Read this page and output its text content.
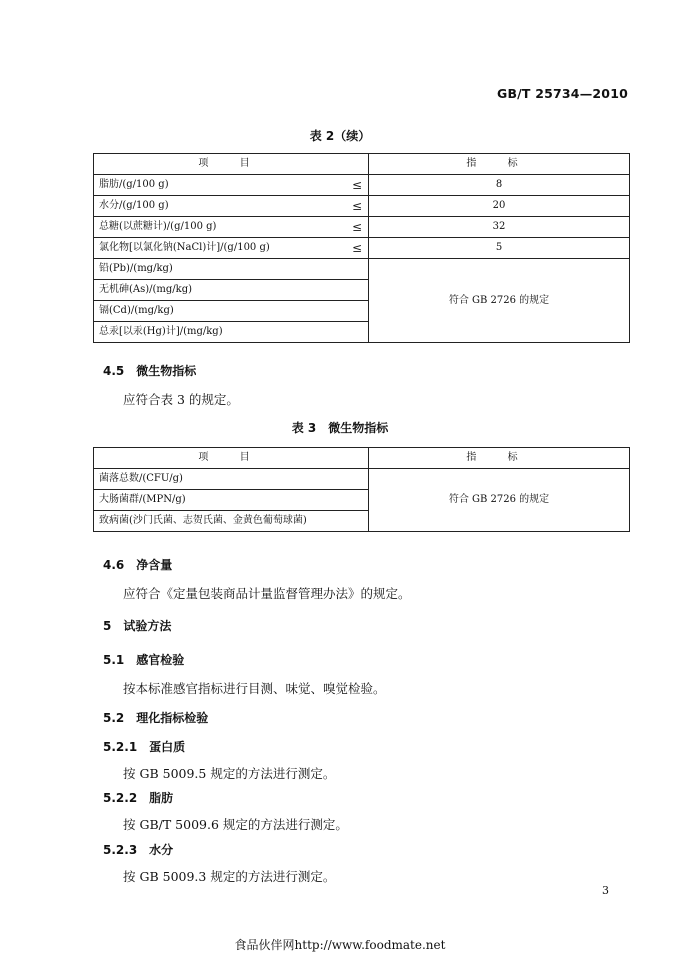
GB/T 25734—2010
表 2（续）
项 目		指 标
脂肪/(g/100 g)	≤	8
水分/(g/100 g)	≤	20
总糖(以蔗糖计)/(g/100 g)	≤	32
氯化物[以氯化钠(NaCl)计]/(g/100 g)	≤	5
铅(Pb)/(mg/kg)		符合 GB 2726 的规定
无机砷(As)/(mg/kg)		
镉(Cd)/(mg/kg)		
总汞[以汞(Hg)计]/(mg/kg)		
4.5　微生物指标
应符合表 3 的规定。
表 3　微生物指标
项 目	指 标
菌落总数/(CFU/g)	符合 GB 2726 的规定
大肠菌群/(MPN/g)	
致病菌(沙门氏菌、志贺氏菌、金黄色葡萄球菌)	
4.6　净含量
应符合《定量包装商品计量监督管理办法》的规定。
5　试验方法
5.1　感官检验
按本标准感官指标进行目测、味觉、嗅觉检验。
5.2　理化指标检验
5.2.1　蛋白质
按 GB 5009.5 规定的方法进行测定。
5.2.2　脂肪
按 GB/T 5009.6 规定的方法进行测定。
5.2.3　水分
按 GB 5009.3 规定的方法进行测定。
3
食品伙伴网http://www.foodmate.net
